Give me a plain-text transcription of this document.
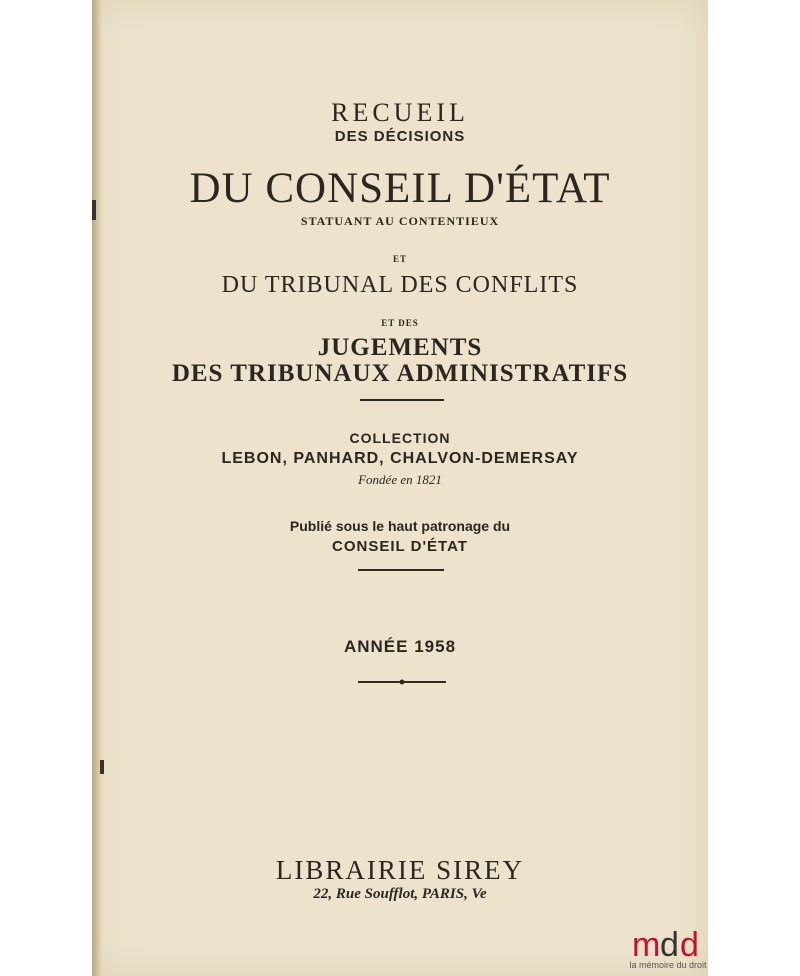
RECUEIL
DES DÉCISIONS
DU CONSEIL D'ÉTAT
STATUANT AU CONTENTIEUX
ET
DU TRIBUNAL DES CONFLITS
ET DES
JUGEMENTS
DES TRIBUNAUX ADMINISTRATIFS
COLLECTION
LEBON, PANHARD, CHALVON-DEMERSAY
Fondée en 1821
Publié sous le haut patronage du
CONSEIL D'ÉTAT
ANNÉE 1958
LIBRAIRIE SIREY
22, Rue Soufflot, PARIS, Ve
m d d
la mémoire du droit
